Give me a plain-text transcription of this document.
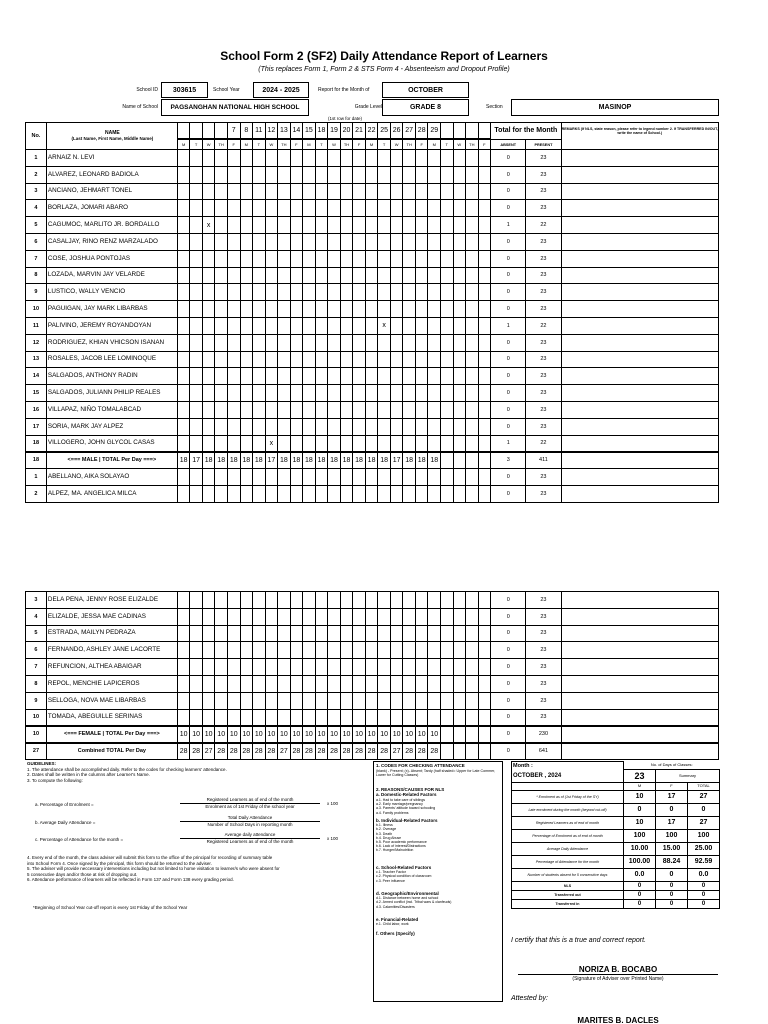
School Form 2 (SF2) Daily Attendance Report of Learners
(This replaces Form 1, Form 2 & STS Form 4 - Absenteeism and Dropout Profile)
School ID	303615	School Year	2024 - 2025	Report for the Month of	OCTOBER
Name of School	PAGSANGHAN NATIONAL HIGH SCHOOL	Grade Level	GRADE 8	Section	MASINOP
(1st row for date)
No.	NAME
(Last Name, First Name, Middle Name)					7	8	11	12	13	14	15	18	19	20	21	22	25	26	27	28	29					Total for the Month		REMARKS (If NLS, state reason, please refer to legend number 2. If TRANSFERRED IN/OUT, write the name of School.)

		M	T	W	TH	F	M	T	W	TH	F	M	T	W	TH	F	M	T	W	TH	F	M	T	W	TH	F	ABSENT	PRESENT	
1	ARNAIZ N. LEVI																										0	23	
2	ALVAREZ, LEONARD BADIOLA																										0	23	
3	ANCIANO, JEHMART TONEL																										0	23	
4	BORLAZA, JOMARI ABARO																										0	23	
5	CAGUMOC, MARLITO JR. BORDALLO			x																							1	22	
6	CASALJAY, RINO RENZ MARZALADO																										0	23	
7	COSE, JOSHUA PONTOJAS																										0	23	
8	LOZADA, MARVIN JAY VELARDE																										0	23	
9	LUSTICO, WALLY VENCIO																										0	23	
10	PAGUIGAN, JAY MARK LIBARBAS																										0	23	
11	PALIVINO, JEREMY ROYANDOYAN																	x									1	22	
12	RODRIGUEZ, KHIAN VHICSON ISANAN																										0	23	
13	ROSALES, JACOB LEE LOMINOQUE																										0	23	
14	SALGADOS, ANTHONY RADIN																										0	23	
15	SALGADOS, JULIANN PHILIP REALES																										0	23	
16	VILLAPAZ, NIÑO TOMALABCAD																										0	23	
17	SORIA, MARK JAY ALPEZ																										0	23	
18	VILLOGERO, JOHN GLYCOL CASAS								x																		1	22	
18	<=== MALE | TOTAL Per Day ===>	18	17	18	18	18	18	18	17	18	18	18	18	18	18	18	18	18	17	18	18	18					3	411	
1	ABELLANO, AIKA SOLAYAO																										0	23	
2	ALPEZ, MA. ANGELICA MILCA																										0	23	
3	DELA PENA, JENNY ROSE ELIZALDE																										0	23	
4	ELIZALDE, JESSA MAE CADINAS																										0	23	
5	ESTRADA, MAILYN PEDRAZA																										0	23	
6	FERNANDO, ASHLEY JANE LACORTE																										0	23	
7	REFUNCION, ALTHEA ABAIGAR																										0	23	
8	REPOL, MENCHIE LAPICEROS																										0	23	
9	SELLOGA, NOVA MAE LIBARBAS																										0	23	
10	TOMADA, ABEGUILLE SERINAS																										0	23	
10	<=== FEMALE | TOTAL Per Day ===>	10	10	10	10	10	10	10	10	10	10	10	10	10	10	10	10	10	10	10	10	10					0	230	
27	Combined TOTAL Per Day	28	28	27	28	28	28	28	28	27	28	28	28	28	28	28	28	28	27	28	28	28					0	641	
GUIDELINES:
1. The attendance shall be accomplished daily. Refer to the codes for checking learners' attendance.
2. Dates shall be written in the columns after Learner's Name.
3. To compute the following:
a. Percentage of Enrolment =
Registered Learners as of end of the month
Enrolment as of 1st Friday of the school year
x 100
b. Average Daily Attendance =
Total Daily Attendance
Number of School Days in reporting month
c. Percentage of Attendance for the month =
Average daily attendance
Registered Learners as of end of the month
x 100
4. Every end of the month, the class adviser will submit this form to the office of the principal for recording of summary table
into School Form 4. Once signed by the principal, this form should be returned to the adviser.
5. The adviser will provide neccessary interventions including but not limited to home visitation to learner/s who were absent for
5 consecutive days and/or those at risk of dropping out.
6. Attendance performance of learners will be reflected in Form 137 and Form 138 every grading period.
*Beginning of School Year cut-off report is every 1st Friday of the School Year
1. CODES FOR CHECKING ATTENDANCE
(blank) - Present; (x)- Absent; Tardy (half shaded= Upper for Late Commer, Lower for Cutting Classes)
2. REASONS/CAUSES FOR NLS
a. Domestic-Related Factors
a.1. Had to take care of siblings
a.2. Early marriage/pregnancy
a.3. Parents' attitude toward schooling
a.4. Family problems
b. Individual-Related Factors
b.1. Illness
b.2. Overage
b.3. Death
b.4. Drug Abuse
b.5. Poor academic performance
b.6. Lack of interest/Distractions
b.7. Hunger/Malnutrition
c. School-Related Factors
c.1. Teacher Factor
c.2. Physical condition of classroom
c.3. Peer influence
d. Geographic/Environmental
d.1. Distance between home and school
d.2. Armed conflict (incl. Tribal wars & clanfeuds)
d.3. Calamities/Disasters
e. Financial-Related
e.1. Child labor, work
f. Others (Specify)
Month :	No. of Days of Classes:		
OCTOBER , 2024	23	Summary	
	M	F	TOTAL
* Enrolment as of (1st Friday of the SY)	10	17	27
Late enrolment during the month (beyond cut-off)	0	0	0
Registered Learners as of end of month	10	17	27
Percentage of Enrolment as of end of month	100	100	100
Average Daily Attendance	10.00	15.00	25.00
Percentage of Attendance for the month	100.00	88.24	92.59
Number of students absent for 5 consecutive days	0.0	0	0.0
NLS	0	0	0
Transferred out	0	0	0
Transferred in	0	0	0
I certify that this is a true and correct report.
NORIZA B. BOCABO
(Signature of Adviser over Printed Name)
Attested by:
MARITES B. DACLES
